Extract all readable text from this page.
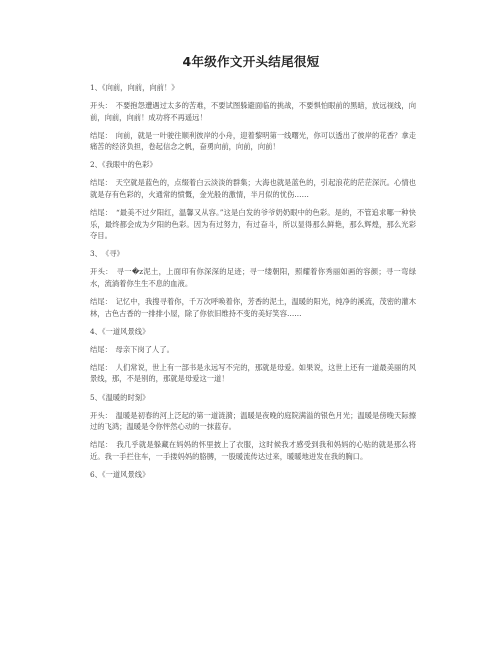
4年级作文开头结尾很短
1、《向前，向前，向前！》
开头：　不要抱怨遭遇过太多的苦难，不要试图躲避面临的挑战，不要惧怕眼前的黑暗，放远视线，向前，向前，向前！成功将不再遥远！
结尾：　向前，就是一叶驶往顺利彼岸的小舟，迎着黎明第一线曙光，你可以透出了彼岸的花香？拿走痛苦的经济负担，卷起信念之帆，奋勇向前，向前，向前！
2、《我眼中的色彩》
结尾：　天空就是蓝色的，点缀着白云淡淡的群集；大海也就是蓝色的，引起浪花的茫茫深沉。心情也就是存有色彩的，火通常的愤慨，金光般的激情，半月似的忧伤……
结尾：　“最美不过夕阳红，温馨又从容。”这是白发的爷爷奶奶眼中的色彩。是的，不管追求哪一种快乐，最终都会成为夕阳的色彩。因为有过努力，有过奋斗，所以显得那么鲜艳，那么辉煌，那么光彩夺目。
3、　《寻》
开头：　寻一�z泥土，上面印有你深深的足迹；寻一缕朝阳，照耀着你秀丽如画的容颜；寻一弯绿水，流淌着你生生不息的血液。
结尾：　记忆中，我搜寻着你，千万次呼唤着你，芳香的泥土，温暖的阳光，纯净的溪流，茂密的灌木林，古色古香的一排排小屋，除了你依旧维持不变的美好笑容……
4、《一道风景线》
结尾：　母亲下岗了人了。
结尾：　人们常说，世上有一部书是永远写不完的，那就是母爱。如果说，这世上还有一道最美丽的风景线，那，不是别的，那就是母爱这一道！
5、《温暖的时刻》
开头：　温暖是初春的河上泛起的第一道涟漪；温暖是夜晚的庭院满溢的银色月光；温暖是傍晚天际擦过的飞鸿；温暖是令你怦然心动的一抹蓝存。
结尾：　我几乎就是躲藏在妈妈的怀里披上了衣服，这时候我才感受到我和妈妈的心贴的就是那么将近。我一手拦住车，一手搂妈妈的胳膊，一股暖流传达过来，暖暖地迸发在我的胸口。
6、《一道风景线》
